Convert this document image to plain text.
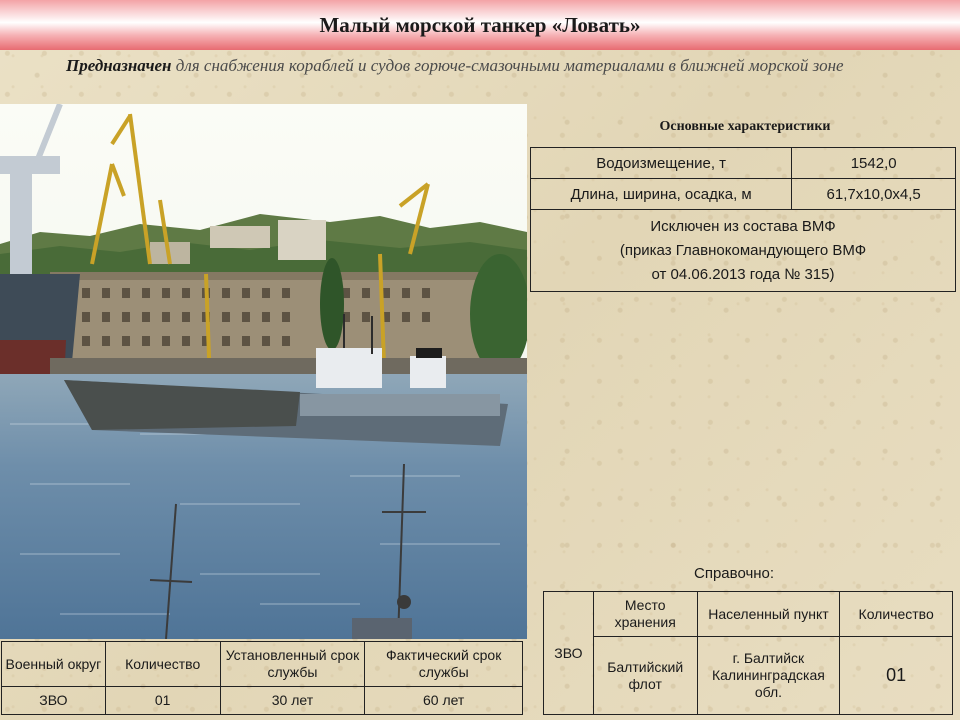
Малый морской танкер «Ловать»
Предназначен для снабжения кораблей и судов горюче-смазочными материалами в ближней морской зоне
Основные характеристики
Водоизмещение, т	1542,0
Длина, ширина, осадка, м	61,7х10,0х4,5

Исключен из состава ВМФ
(приказ Главнокомандующего ВМФ
от 04.06.2013 года № 315)	
Справочно:
ЗВО	Место хранения	Населенный пункт	Количество
	Балтийский флот	г. Балтийск Калининградская обл.	01
Военный округ	Количество	Установленный срок службы	Фактический срок службы
ЗВО	01	30 лет	60 лет
